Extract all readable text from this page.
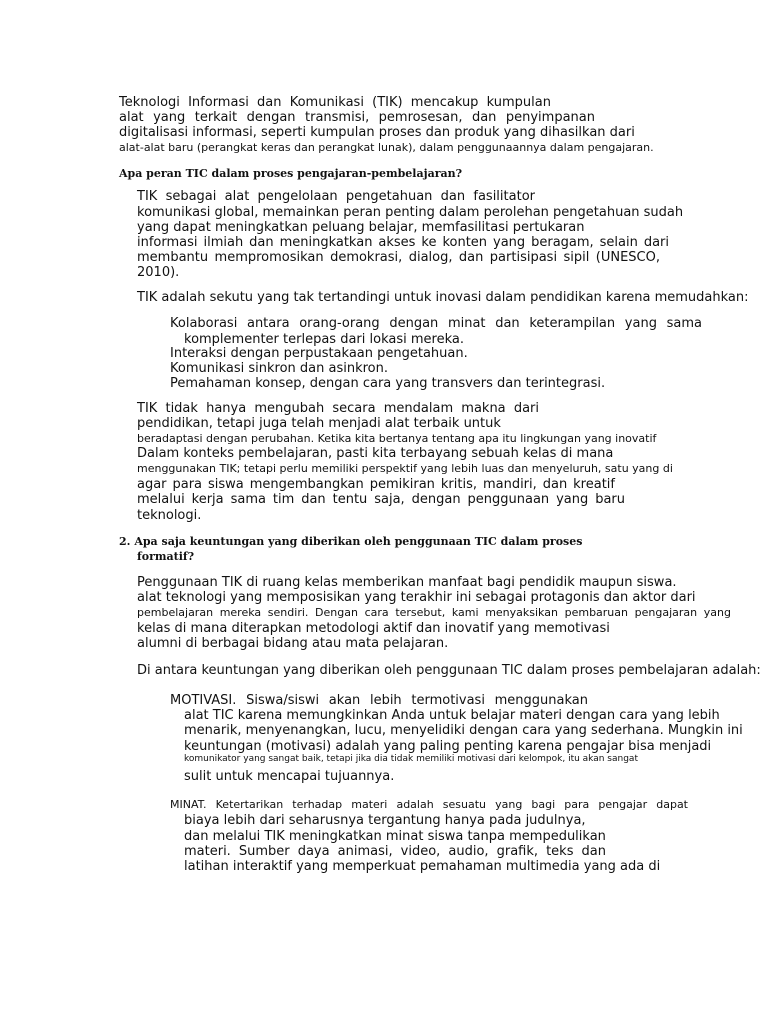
Teknologi Informasi dan Komunikasi (TIK) mencakup kumpulan

alat yang terkait dengan transmisi, pemrosesan, dan penyimpanan

digitalisasi informasi, seperti kumpulan proses dan produk yang dihasilkan dari

alat-alat baru (perangkat keras dan perangkat lunak), dalam penggunaannya dalam pengajaran.

Apa peran TIC dalam proses pengajaran-pembelajaran?

TIK sebagai alat pengelolaan pengetahuan dan fasilitator

komunikasi global, memainkan peran penting dalam perolehan pengetahuan sudah

yang dapat meningkatkan peluang belajar, memfasilitasi pertukaran

informasi ilmiah dan meningkatkan akses ke konten yang beragam, selain dari

membantu mempromosikan demokrasi, dialog, dan partisipasi sipil (UNESCO,

2010).

TIK adalah sekutu yang tak tertandingi untuk inovasi dalam pendidikan karena memudahkan:

Kolaborasi antara orang-orang dengan minat dan keterampilan yang sama

komplementer terlepas dari lokasi mereka.

Interaksi dengan perpustakaan pengetahuan.

Komunikasi sinkron dan asinkron.

Pemahaman konsep, dengan cara yang transvers dan terintegrasi.

TIK tidak hanya mengubah secara mendalam makna dari

pendidikan, tetapi juga telah menjadi alat terbaik untuk

beradaptasi dengan perubahan. Ketika kita bertanya tentang apa itu lingkungan yang inovatif

Dalam konteks pembelajaran, pasti kita terbayang sebuah kelas di mana

menggunakan TIK; tetapi perlu memiliki perspektif yang lebih luas dan menyeluruh, satu yang di

agar para siswa mengembangkan pemikiran kritis, mandiri, dan kreatif

melalui kerja sama tim dan tentu saja, dengan penggunaan yang baru

teknologi.

2. Apa saja keuntungan yang diberikan oleh penggunaan TIC dalam proses

formatif?

Penggunaan TIK di ruang kelas memberikan manfaat bagi pendidik maupun siswa.

alat teknologi yang memposisikan yang terakhir ini sebagai protagonis dan aktor dari

pembelajaran mereka sendiri. Dengan cara tersebut, kami menyaksikan pembaruan pengajaran yang

kelas di mana diterapkan metodologi aktif dan inovatif yang memotivasi

alumni di berbagai bidang atau mata pelajaran.

Di antara keuntungan yang diberikan oleh penggunaan TIC dalam proses pembelajaran adalah:

MOTIVASI. Siswa/siswi akan lebih termotivasi menggunakan

alat TIC karena memungkinkan Anda untuk belajar materi dengan cara yang lebih

menarik, menyenangkan, lucu, menyelidiki dengan cara yang sederhana. Mungkin ini

keuntungan (motivasi) adalah yang paling penting karena pengajar bisa menjadi

komunikator yang sangat baik, tetapi jika dia tidak memiliki motivasi dari kelompok, itu akan sangat

sulit untuk mencapai tujuannya.

MINAT. Ketertarikan terhadap materi adalah sesuatu yang bagi para pengajar dapat

biaya lebih dari seharusnya tergantung hanya pada judulnya,

dan melalui TIK meningkatkan minat siswa tanpa mempedulikan

materi. Sumber daya animasi, video, audio, grafik, teks dan

latihan interaktif yang memperkuat pemahaman multimedia yang ada di
